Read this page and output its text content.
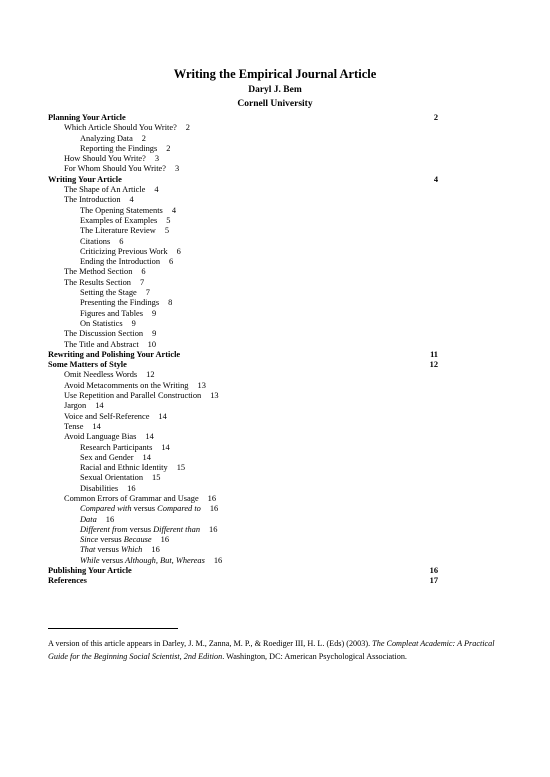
Writing the Empirical Journal Article
Daryl J. Bem
Cornell University
Planning Your Article	2
Which Article Should You Write? 2
Analyzing Data 2
Reporting the Findings 2
How Should You Write? 3
For Whom Should You Write? 3
Writing Your Article	4
The Shape of An Article 4
The Introduction 4
The Opening Statements 4
Examples of Examples 5
The Literature Review 5
Citations 6
Criticizing Previous Work 6
Ending the Introduction 6
The Method Section 6
The Results Section 7
Setting the Stage 7
Presenting the Findings 8
Figures and Tables 9
On Statistics 9
The Discussion Section 9
The Title and Abstract 10
Rewriting and Polishing Your Article	11
Some Matters of Style	12
Omit Needless Words 12
Avoid Metacomments on the Writing 13
Use Repetition and Parallel Construction 13
Jargon 14
Voice and Self-Reference 14
Tense 14
Avoid Language Bias 14
Research Participants 14
Sex and Gender 14
Racial and Ethnic Identity 15
Sexual Orientation 15
Disabilities 16
Common Errors of Grammar and Usage 16
Compared with versus Compared to 16
Data 16
Different from versus Different than 16
Since versus Because 16
That versus Which 16
While versus Although, But, Whereas 16
Publishing Your Article	16
References	17
A version of this article appears in Darley, J. M., Zanna, M. P., & Roediger III, H. L. (Eds) (2003). The Compleat Academic: A Practical Guide for the Beginning Social Scientist, 2nd Edition. Washington, DC: American Psychological Association.
